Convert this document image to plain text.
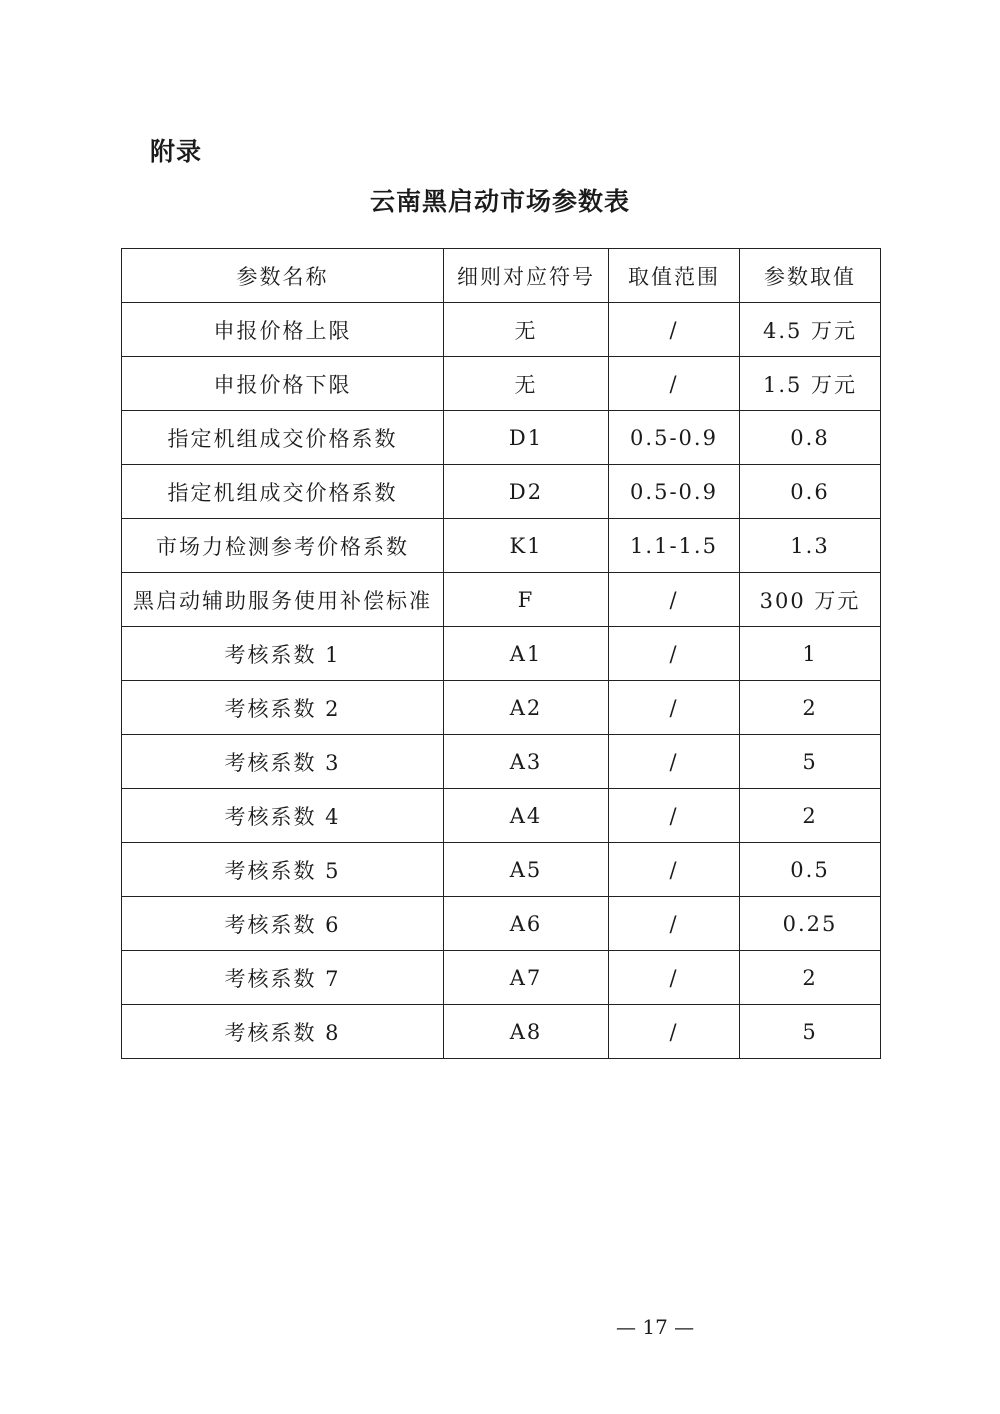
附录
云南黑启动市场参数表
参数名称	细则对应符号	取值范围	参数取值
申报价格上限	无	/	4.5 万元
申报价格下限	无	/	1.5 万元
指定机组成交价格系数	D1	0.5-0.9	0.8
指定机组成交价格系数	D2	0.5-0.9	0.6
市场力检测参考价格系数	K1	1.1-1.5	1.3
黑启动辅助服务使用补偿标准	F	/	300 万元
考核系数 1	A1	/	1
考核系数 2	A2	/	2
考核系数 3	A3	/	5
考核系数 4	A4	/	2
考核系数 5	A5	/	0.5
考核系数 6	A6	/	0.25
考核系数 7	A7	/	2
考核系数 8	A8	/	5
— 17 —
